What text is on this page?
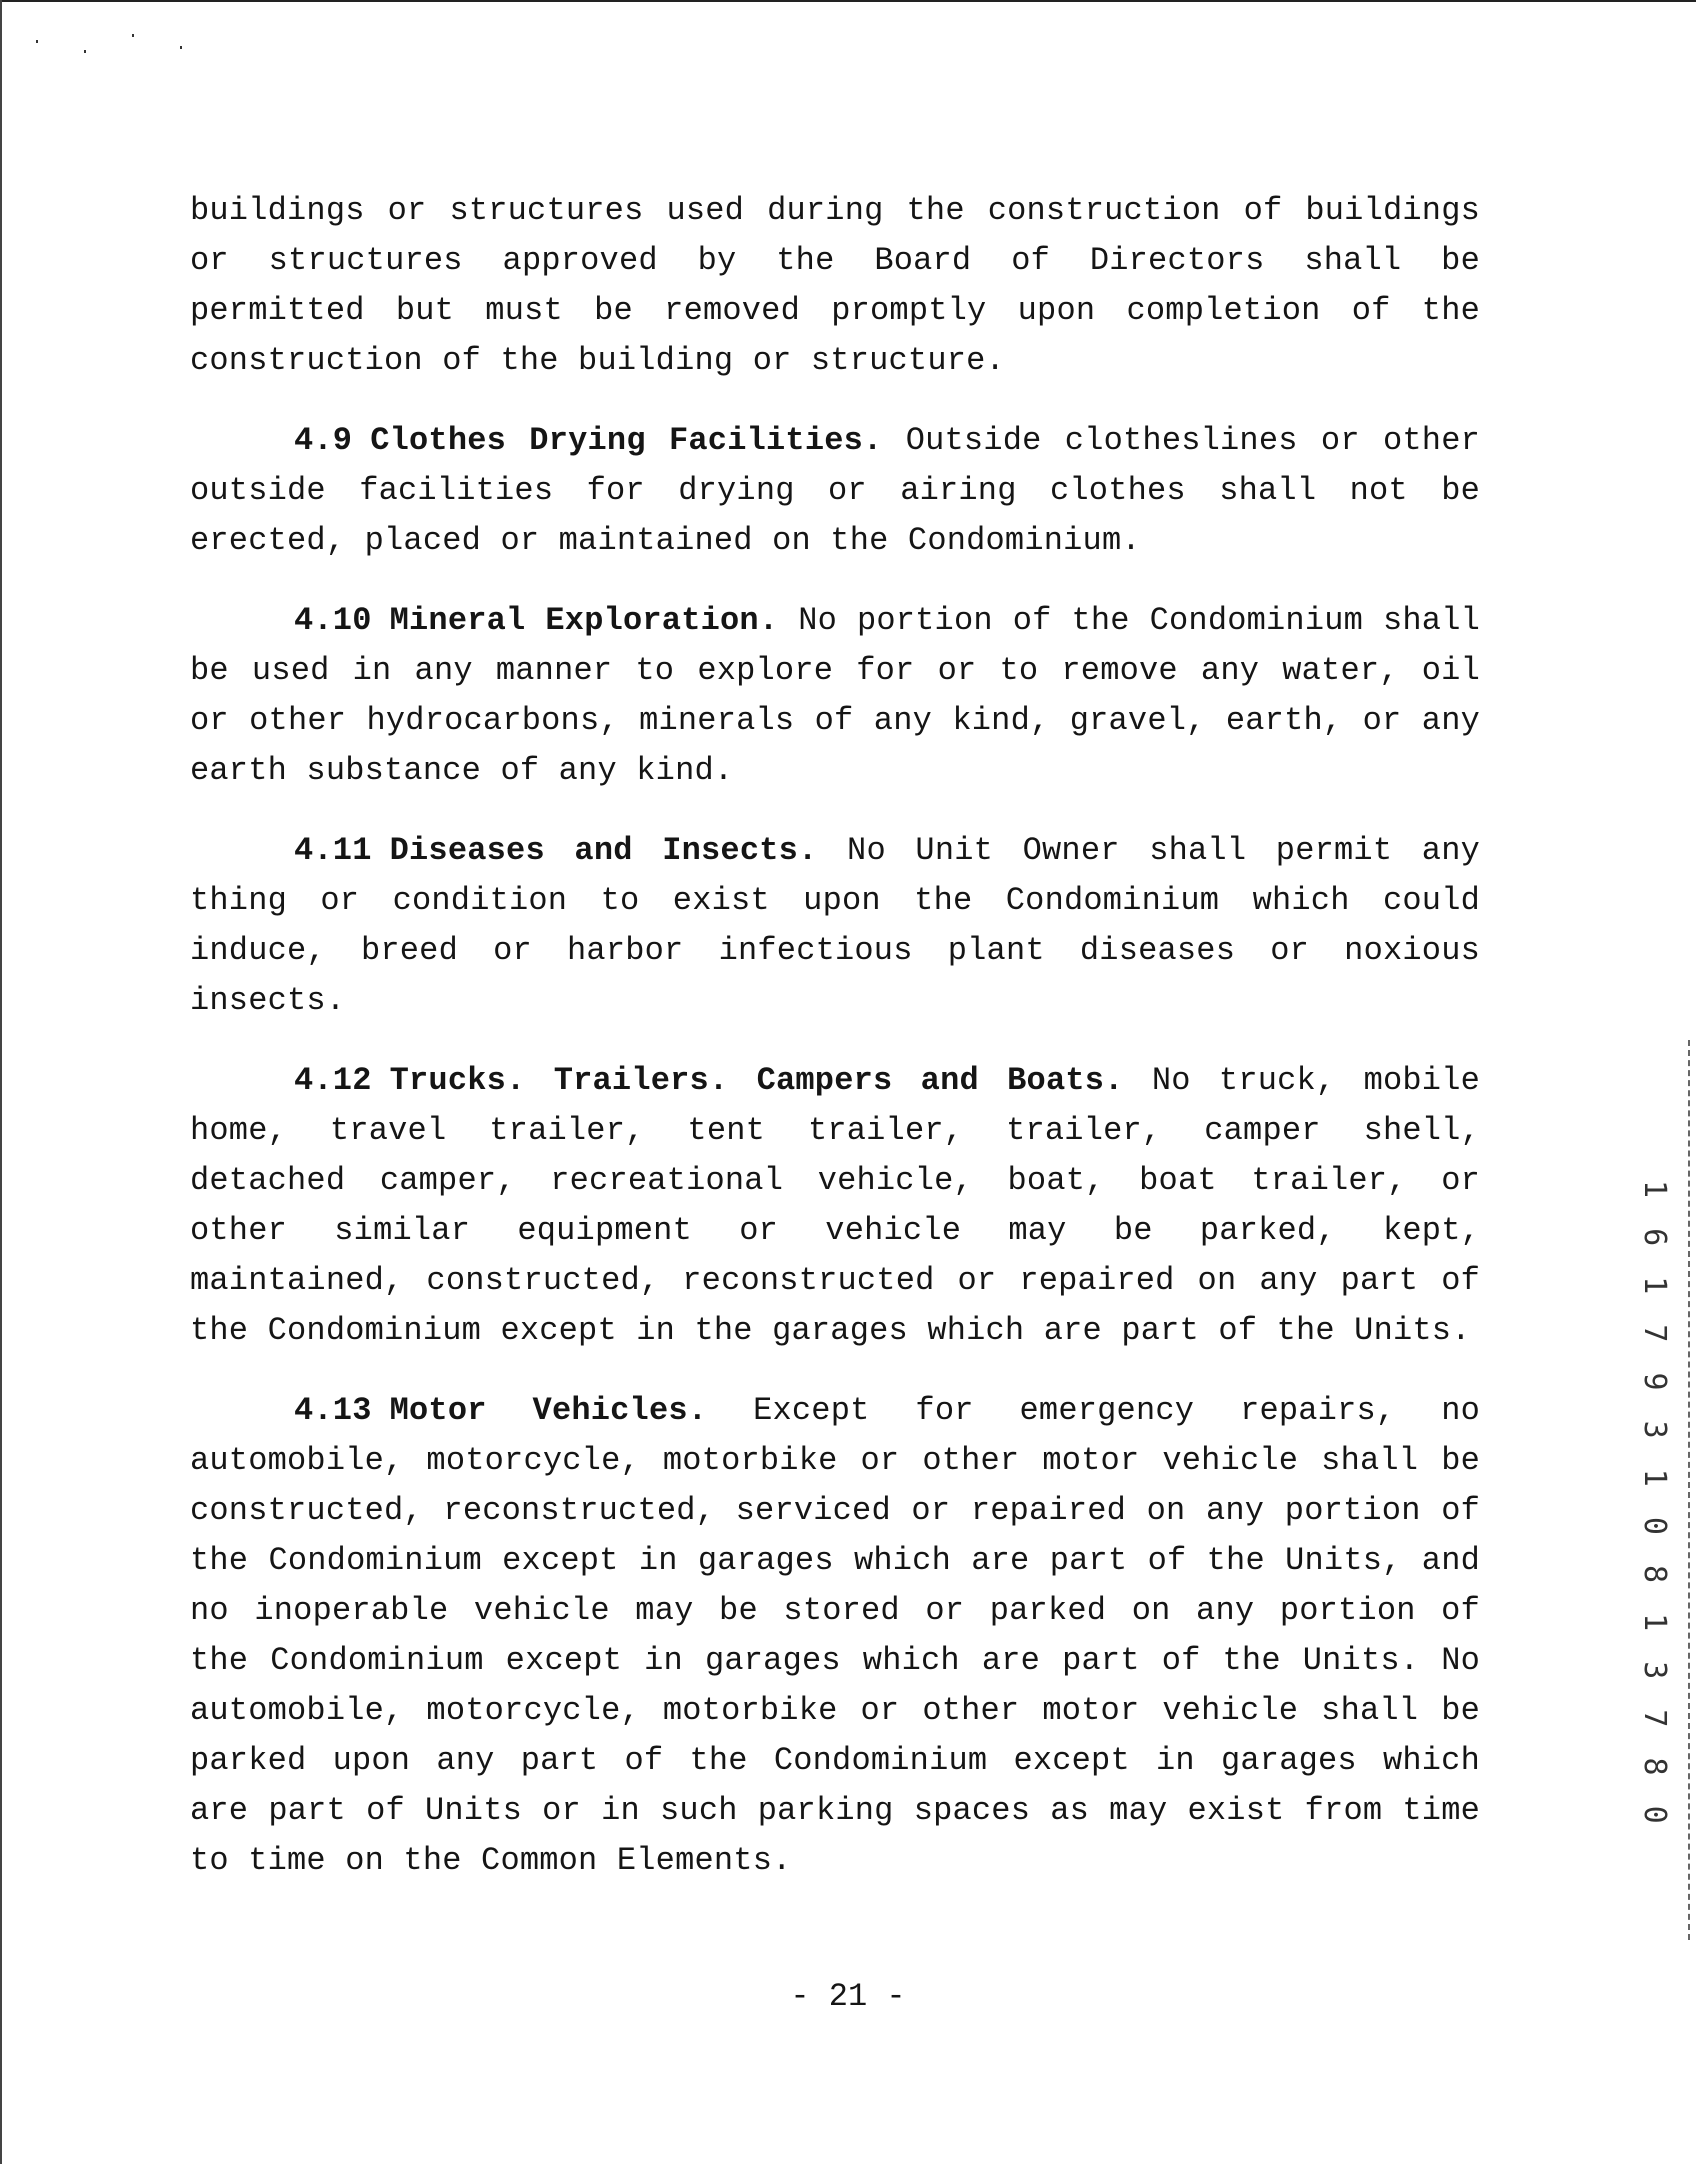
buildings or structures used during the construction of buildings or structures approved by the Board of Directors shall be permitted but must be removed promptly upon completion of the construction of the building or structure.

4.9 Clothes Drying Facilities. Outside clotheslines or other outside facilities for drying or airing clothes shall not be erected, placed or maintained on the Condominium.

4.10 Mineral Exploration. No portion of the Condominium shall be used in any manner to explore for or to remove any water, oil or other hydrocarbons, minerals of any kind, gravel, earth, or any earth substance of any kind.

4.11 Diseases and Insects. No Unit Owner shall permit any thing or condition to exist upon the Condominium which could induce, breed or harbor infectious plant diseases or noxious insects.

4.12 Trucks. Trailers. Campers and Boats. No truck, mobile home, travel trailer, tent trailer, trailer, camper shell, detached camper, recreational vehicle, boat, boat trailer, or other similar equipment or vehicle may be parked, kept, maintained, constructed, reconstructed or repaired on any part of the Condominium except in the garages which are part of the Units.

4.13 Motor Vehicles. Except for emergency repairs, no automobile, motorcycle, motorbike or other motor vehicle shall be constructed, reconstructed, serviced or repaired on any portion of the Condominium except in garages which are part of the Units, and no inoperable vehicle may be stored or parked on any portion of the Condominium except in garages which are part of the Units. No automobile, motorcycle, motorbike or other motor vehicle shall be parked upon any part of the Condominium except in garages which are part of Units or in such parking spaces as may exist from time to time on the Common Elements.

- 21 -
1 6 1 7 9 3 1 0 8 1 3 7 8 0
